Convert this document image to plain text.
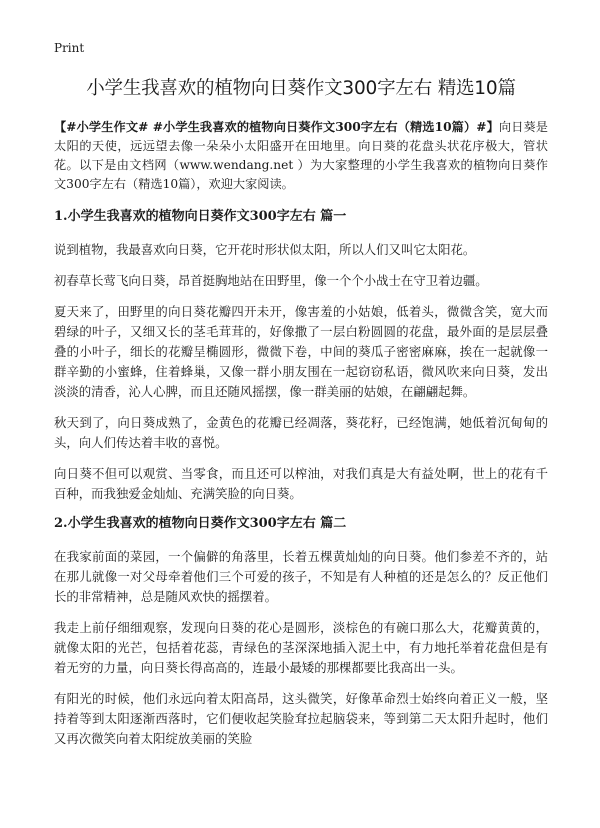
Print
小学生我喜欢的植物向日葵作文300字左右 精选10篇

【#小学生作文# #小学生我喜欢的植物向日葵作文300字左右（精选10篇）#】向日葵是太阳的天使，远远望去像一朵朵小太阳盛开在田地里。向日葵的花盘头状花序极大，管状花。以下是由文档网（www.wendang.net ）为大家整理的小学生我喜欢的植物向日葵作文300字左右（精选10篇），欢迎大家阅读。

1.小学生我喜欢的植物向日葵作文300字左右 篇一

说到植物，我最喜欢向日葵，它开花时形状似太阳，所以人们又叫它太阳花。

初春草长莺飞向日葵，昂首挺胸地站在田野里，像一个个小战士在守卫着边疆。

夏天来了，田野里的向日葵花瓣四开未开，像害羞的小姑娘，低着头，微微含笑，宽大而碧绿的叶子，又细又长的茎毛茸茸的，好像撒了一层白粉圆圆的花盘，最外面的是层层叠叠的小叶子，细长的花瓣呈椭圆形，微微下卷，中间的葵瓜子密密麻麻，挨在一起就像一群辛勤的小蜜蜂，住着蜂巢，又像一群小朋友围在一起窃窃私语，微风吹来向日葵，发出淡淡的清香，沁人心脾，而且还随风摇摆，像一群美丽的姑娘，在翩翩起舞。

秋天到了，向日葵成熟了，金黄色的花瓣已经凋落，葵花籽，已经饱满，她低着沉甸甸的头，向人们传达着丰收的喜悦。

向日葵不但可以观赏、当零食，而且还可以榨油，对我们真是大有益处啊，世上的花有千百种，而我独爱金灿灿、充满笑脸的向日葵。

2.小学生我喜欢的植物向日葵作文300字左右 篇二

在我家前面的菜园，一个偏僻的角落里，长着五棵黄灿灿的向日葵。他们参差不齐的，站在那儿就像一对父母牵着他们三个可爱的孩子，不知是有人种植的还是怎么的？反正他们长的非常精神，总是随风欢快的摇摆着。

我走上前仔细细观察，发现向日葵的花心是圆形，淡棕色的有碗口那么大，花瓣黄黄的，就像太阳的光芒，包括着花蕊，青绿色的茎深深地插入泥土中，有力地托举着花盘但是有着无穷的力量，向日葵长得高高的，连最小最矮的那棵都要比我高出一头。

有阳光的时候，他们永远向着太阳高昂，这头微笑，好像革命烈士始终向着正义一般，坚持着等到太阳逐渐西落时，它们便收起笑脸耷拉起脑袋来，等到第二天太阳升起时，他们又再次微笑向着太阳绽放美丽的笑脸
